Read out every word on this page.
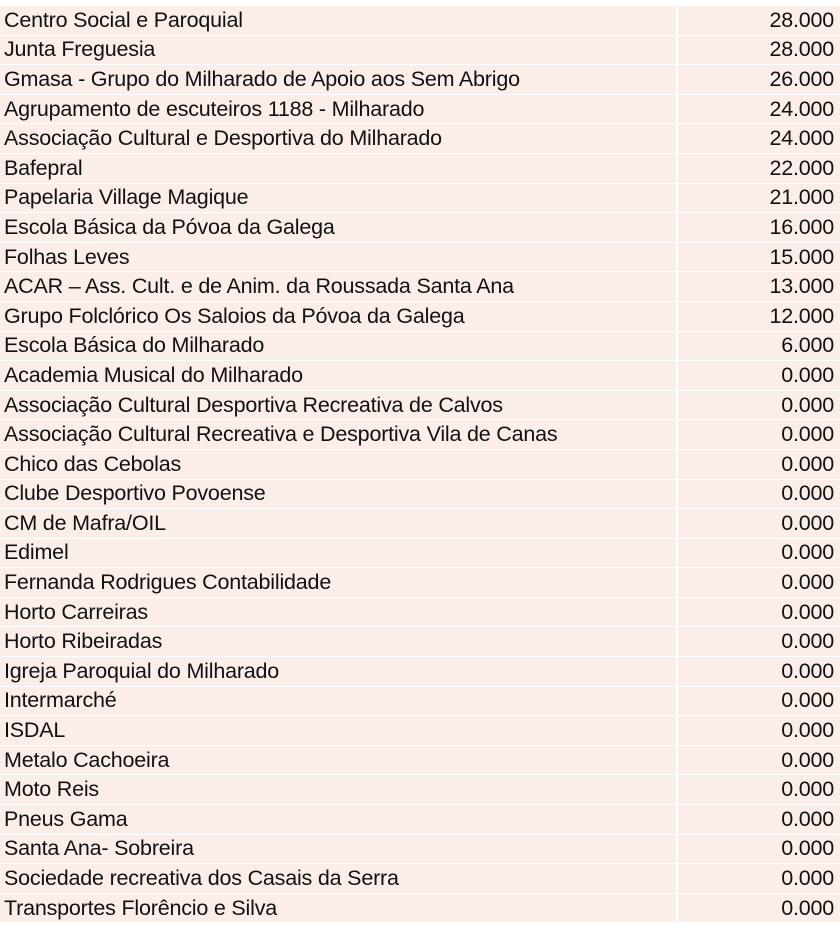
Centro Social e Paroquial	28.000
Junta Freguesia	28.000
Gmasa - Grupo do Milharado de Apoio aos Sem Abrigo	26.000
Agrupamento de escuteiros 1188 - Milharado	24.000
Associação Cultural e Desportiva do Milharado	24.000
Bafepral	22.000
Papelaria Village Magique	21.000
Escola Básica da Póvoa da Galega	16.000
Folhas Leves	15.000
ACAR – Ass. Cult. e de Anim. da Roussada Santa Ana	13.000
Grupo Folclórico Os Saloios da Póvoa da Galega	12.000
Escola Básica do Milharado	6.000
Academia Musical do Milharado	0.000
Associação Cultural Desportiva Recreativa de Calvos	0.000
Associação Cultural Recreativa e Desportiva Vila de Canas	0.000
Chico das Cebolas	0.000
Clube Desportivo Povoense	0.000
CM de Mafra/OIL	0.000
Edimel	0.000
Fernanda Rodrigues Contabilidade	0.000
Horto Carreiras	0.000
Horto Ribeiradas	0.000
Igreja Paroquial do Milharado	0.000
Intermarché	0.000
ISDAL	0.000
Metalo Cachoeira	0.000
Moto Reis	0.000
Pneus Gama	0.000
Santa Ana- Sobreira	0.000
Sociedade recreativa dos Casais da Serra	0.000
Transportes Florêncio e Silva	0.000
